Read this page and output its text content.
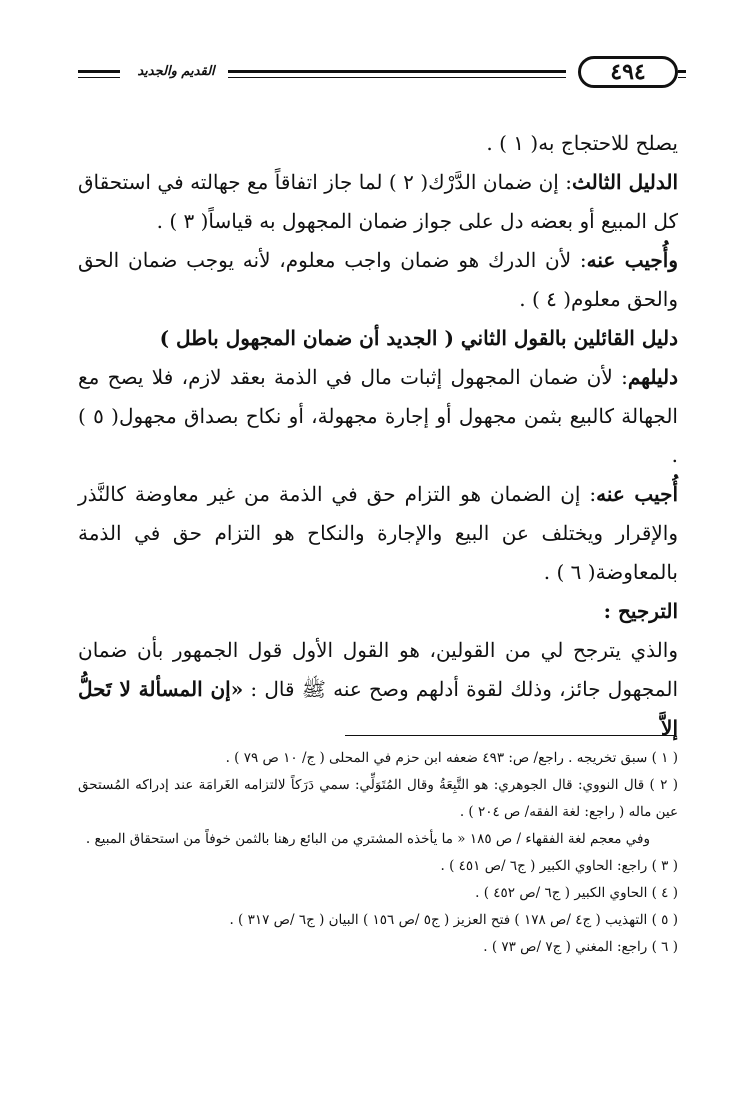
٤٩٤
القديم والجديد

يصلح للاحتجاج به( ١ ) .

الدليل الثالث: إن ضمان الدَّرْك( ٢ ) لما جاز اتفاقاً مع جهالته في استحقاق كل المبيع أو بعضه دل على جواز ضمان المجهول به قياساً( ٣ ) .

وأُجيب عنه: لأن الدرك هو ضمان واجب معلوم، لأنه يوجب ضمان الحق والحق معلوم( ٤ ) .

دليل القائلين بالقول الثاني ( الجديد أن ضمان المجهول باطل )

دليلهم: لأن ضمان المجهول إثبات مال في الذمة بعقد لازم، فلا يصح مع الجهالة كالبيع بثمن مجهول أو إجارة مجهولة، أو نكاح بصداق مجهول( ٥ ) .

أُجيب عنه: إن الضمان هو التزام حق في الذمة من غير معاوضة كالنَّذر والإقرار ويختلف عن البيع والإجارة والنكاح هو التزام حق في الذمة بالمعاوضة( ٦ ) .

الترجيح :

والذي يترجح لي من القولين، هو القول الأول قول الجمهور بأن ضمان المجهول جائز، وذلك لقوة أدلهم وصح عنه ﷺ قال : «إن المسألة لا تَحلُّ إلاَّ

( ١ ) سبق تخريجه . راجع/ ص: ٤٩٣ ضعفه ابن حزم في المحلى ( ج/ ١٠ ص ٧٩ ) .

( ٢ ) قال النووي: قال الجوهري: هو التَّبِعَةُ وقال المُتَوَلِّي: سمي دَرَكاً لالتزامه الغَرامَة عند إدراكه المُستحق عين ماله ( راجع: لغة الفقه/ ص ٢٠٤ ) .

وفي معجم لغة الفقهاء / ص ١٨٥ « ما يأخذه المشتري من البائع رهنا بالثمن خوفاً من استحقاق المبيع .

( ٣ ) راجع: الحاوي الكبير ( ج٦ /ص ٤٥١ ) .

( ٤ ) الحاوي الكبير ( ج٦ /ص ٤٥٢ ) .

( ٥ ) التهذيب ( ج٤ /ص ١٧٨ ) فتح العزيز ( ج٥ /ص ١٥٦ ) البيان ( ج٦ /ص ٣١٧ ) .

( ٦ ) راجع: المغني ( ج٧ /ص ٧٣ ) .
